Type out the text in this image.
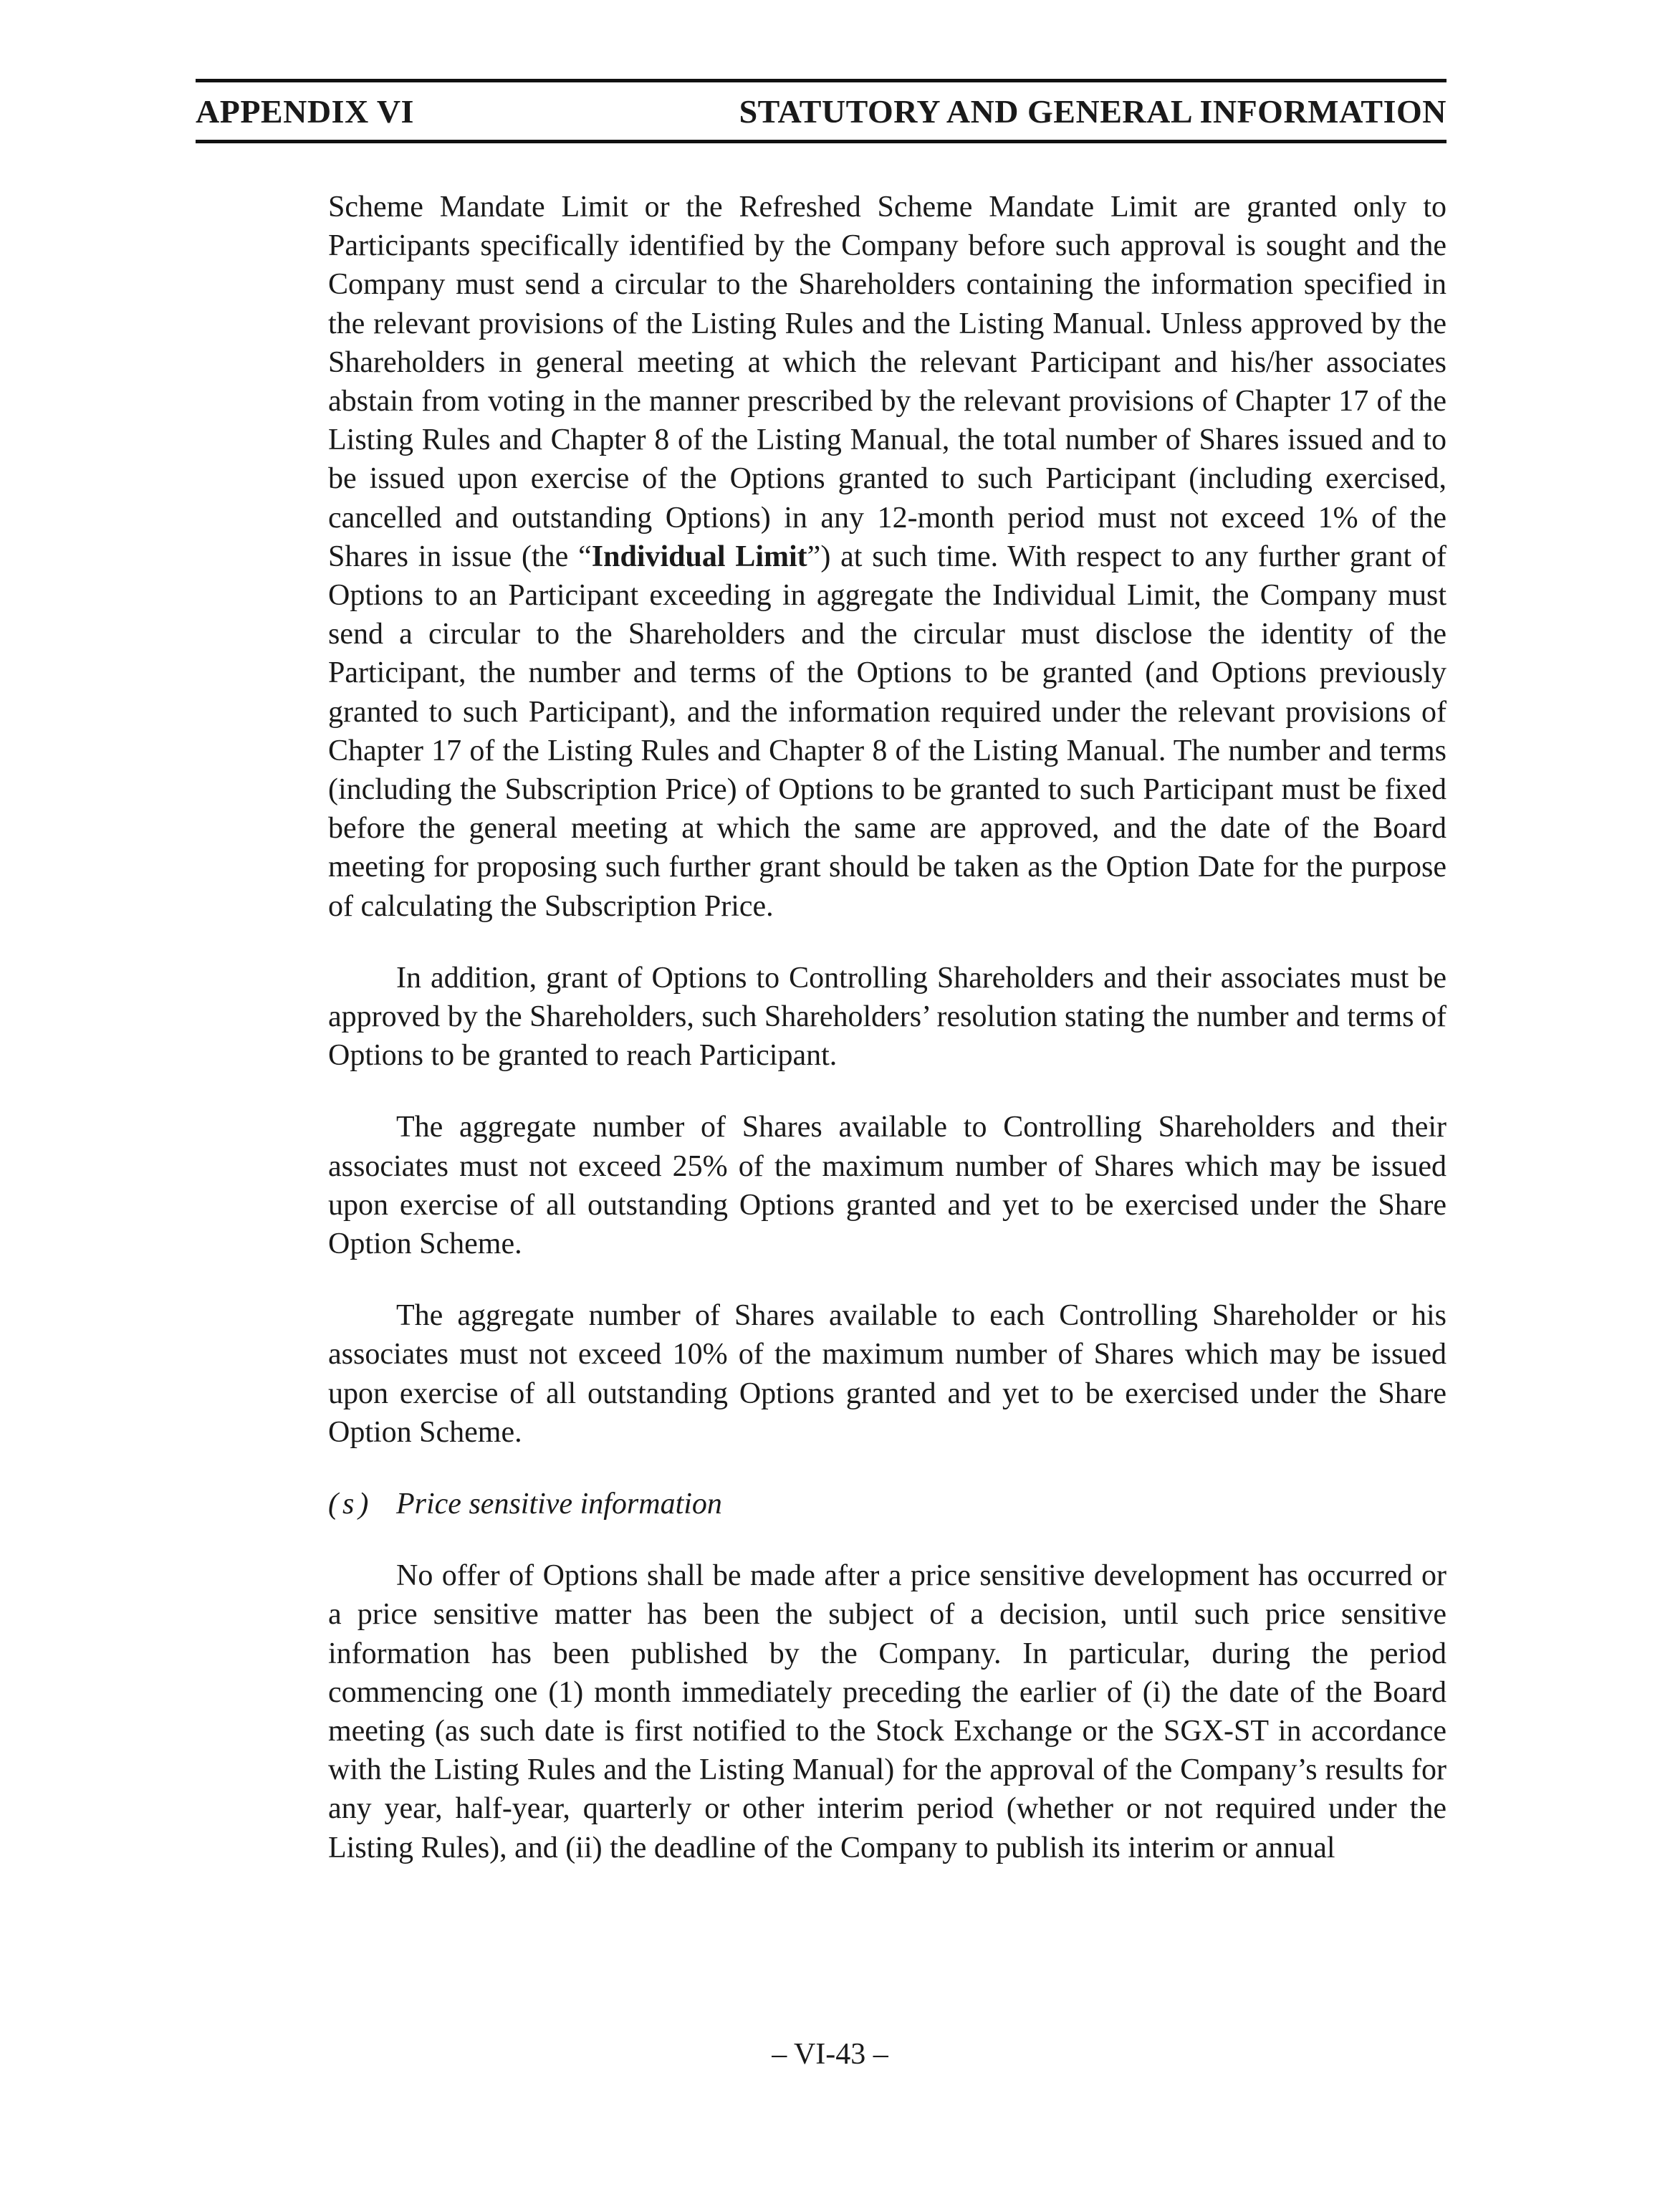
APPENDIX VI	STATUTORY AND GENERAL INFORMATION

Scheme Mandate Limit or the Refreshed Scheme Mandate Limit are granted only to Participants specifically identified by the Company before such approval is sought and the Company must send a circular to the Shareholders containing the information specified in the relevant provisions of the Listing Rules and the Listing Manual. Unless approved by the Shareholders in general meeting at which the relevant Participant and his/her associates abstain from voting in the manner prescribed by the relevant provisions of Chapter 17 of the Listing Rules and Chapter 8 of the Listing Manual, the total number of Shares issued and to be issued upon exercise of the Options granted to such Participant (including exercised, cancelled and outstanding Options) in any 12-month period must not exceed 1% of the Shares in issue (the “Individual Limit”) at such time. With respect to any further grant of Options to an Participant exceeding in aggregate the Individual Limit, the Company must send a circular to the Shareholders and the circular must disclose the identity of the Participant, the number and terms of the Options to be granted (and Options previously granted to such Participant), and the information required under the relevant provisions of Chapter 17 of the Listing Rules and Chapter 8 of the Listing Manual. The number and terms (including the Subscription Price) of Options to be granted to such Participant must be fixed before the general meeting at which the same are approved, and the date of the Board meeting for proposing such further grant should be taken as the Option Date for the purpose of calculating the Subscription Price.

In addition, grant of Options to Controlling Shareholders and their associates must be approved by the Shareholders, such Shareholders’ resolution stating the number and terms of Options to be granted to reach Participant.

The aggregate number of Shares available to Controlling Shareholders and their associates must not exceed 25% of the maximum number of Shares which may be issued upon exercise of all outstanding Options granted and yet to be exercised under the Share Option Scheme.

The aggregate number of Shares available to each Controlling Shareholder or his associates must not exceed 10% of the maximum number of Shares which may be issued upon exercise of all outstanding Options granted and yet to be exercised under the Share Option Scheme.

(s) Price sensitive information

No offer of Options shall be made after a price sensitive development has occurred or a price sensitive matter has been the subject of a decision, until such price sensitive information has been published by the Company. In particular, during the period commencing one (1) month immediately preceding the earlier of (i) the date of the Board meeting (as such date is first notified to the Stock Exchange or the SGX-ST in accordance with the Listing Rules and the Listing Manual) for the approval of the Company’s results for any year, half-year, quarterly or other interim period (whether or not required under the Listing Rules), and (ii) the deadline of the Company to publish its interim or annual

– VI-43 –
